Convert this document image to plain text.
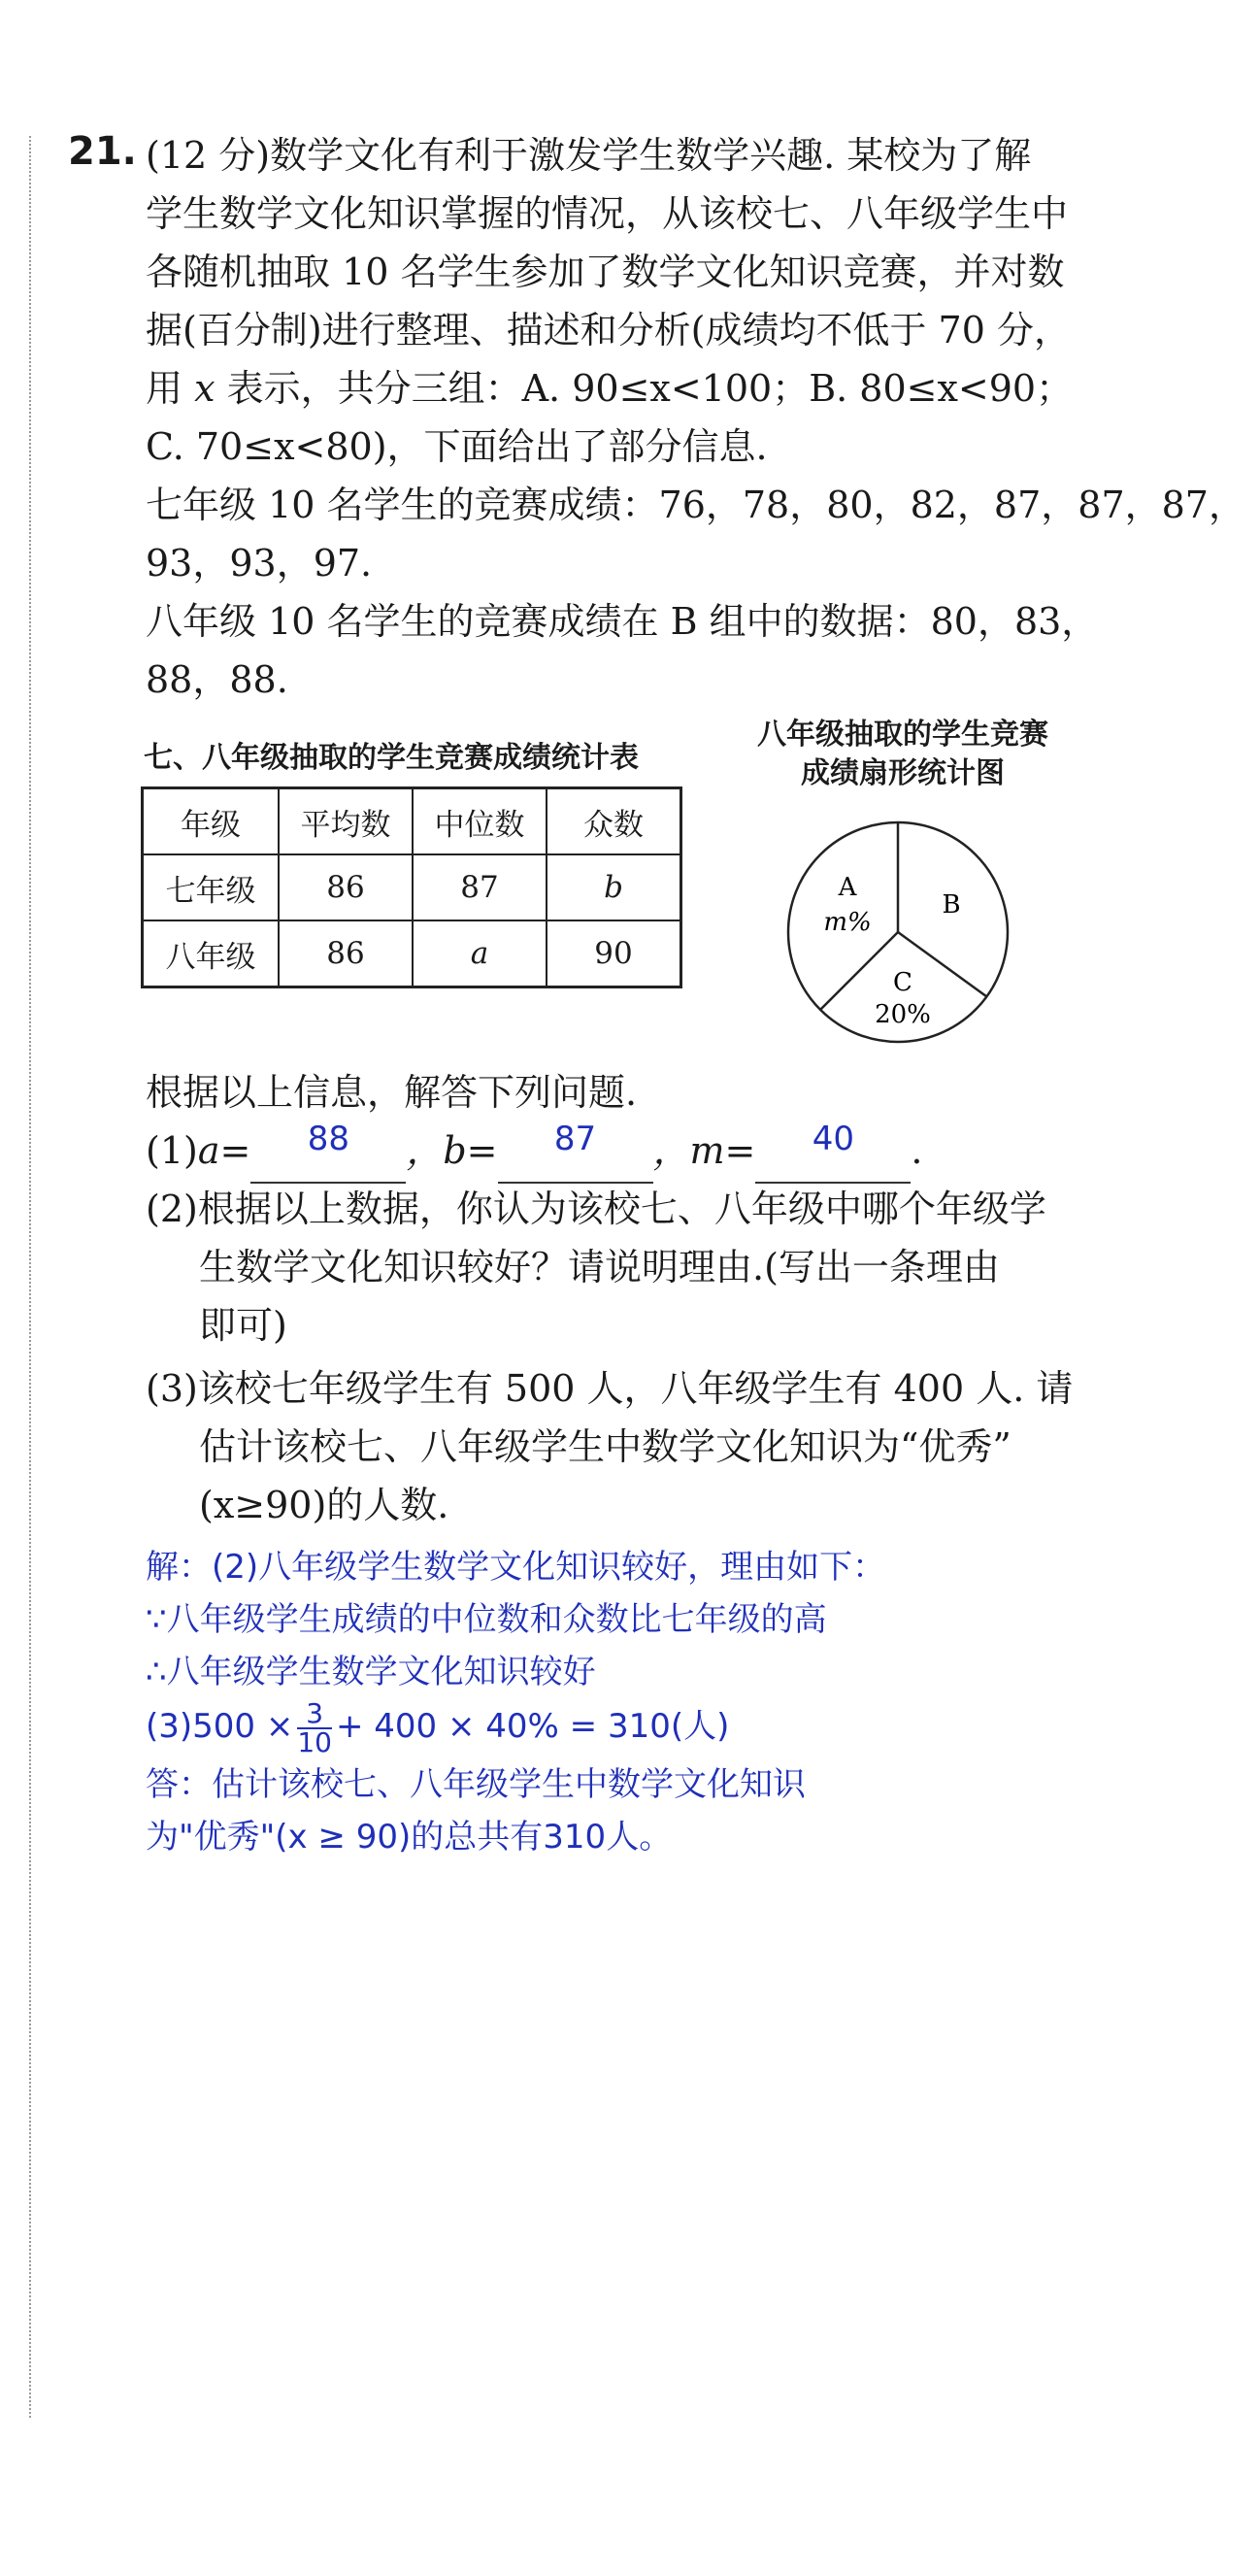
21. (12 分)数学文化有利于激发学生数学兴趣. 某校为了解
学生数学文化知识掌握的情况，从该校七、八年级学生中
各随机抽取 10 名学生参加了数学文化知识竞赛，并对数
据(百分制)进行整理、描述和分析(成绩均不低于 70 分，
用 x 表示，共分三组：A. 90≤x<100；B. 80≤x<90；
C. 70≤x<80)，下面给出了部分信息.
七年级 10 名学生的竞赛成绩：76，78，80，82，87，87，87，
93，93，97.
八年级 10 名学生的竞赛成绩在 B 组中的数据：80，83，
88，88.
七、八年级抽取的学生竞赛成绩统计表
年级	平均数	中位数	众数
七年级	86	87	b
八年级	86	a	90
八年级抽取的学生竞赛
成绩扇形统计图
A
m%
B
C
20%
根据以上信息，解答下列问题.
(1)a= 88 ，b= 87 ，m= 40 .
(2)根据以上数据，你认为该校七、八年级中哪个年级学
生数学文化知识较好？请说明理由.(写出一条理由
即可)
(3)该校七年级学生有 500 人，八年级学生有 400 人. 请
估计该校七、八年级学生中数学文化知识为“优秀”
(x≥90)的人数.
解：(2)八年级学生数学文化知识较好，理由如下：
∵八年级学生成绩的中位数和众数比七年级的高
∴八年级学生数学文化知识较好
$(3)500 \times \frac{3}{10} + 400 \times 40\% = 310$(人)
答：估计该校七、八年级学生中数学文化知识
为"优秀"(x ≥ 90)的总共有310人。
